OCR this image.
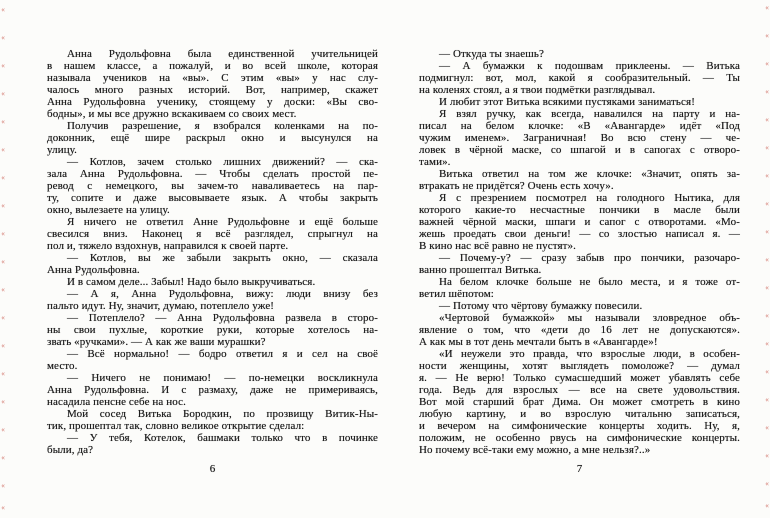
«
«
«
«
«
«
«
«
«
«
«
«
«
«
«
«
«
«
«
«
«
«
«
«
«
«
«
«
«
«
«
«
«
«
«
«
«
«
Анна Рудольфовна была единственной учительницей
в нашем классе, а пожалуй, и во всей школе, которая
называла учеников на «вы». С этим «вы» у нас слу-
чалось много разных историй. Вот, например, скажет
Анна Рудольфовна ученику, стоящему у доски: «Вы сво-
бодны», и мы все дружно вскакиваем со своих мест.
Получив разрешение, я взобрался коленками на по-
доконник, ещё шире раскрыл окно и высунулся на
улицу.
— Котлов, зачем столько лишних движений? — ска-
зала Анна Рудольфовна. — Чтобы сделать простой пе-
ревод с немецкого, вы зачем-то наваливаетесь на пар-
ту, сопите и даже высовываете язык. А чтобы закрыть
окно, вылезаете на улицу.
Я ничего не ответил Анне Рудольфовне и ещё больше
свесился вниз. Наконец я всё разглядел, спрыгнул на
пол и, тяжело вздохнув, направился к своей парте.
— Котлов, вы же забыли закрыть окно, — сказала
Анна Рудольфовна.
И в самом деле... Забыл! Надо было выкручиваться.
— А я, Анна Рудольфовна, вижу: люди внизу без
пальто идут. Ну, значит, думаю, потеплело уже!
— Потеплело? — Анна Рудольфовна развела в сторо-
ны свои пухлые, короткие руки, которые хотелось на-
звать «ручками». — А как же ваши мурашки?
— Всё нормально! — бодро ответил я и сел на своё
место.
— Ничего не понимаю! — по-немецки воскликнула
Анна Рудольфовна. И с размаху, даже не примериваясь,
насадила пенсне себе на нос.
Мой сосед Витька Бородкин, по прозвищу Витик-Ны-
тик, прошептал так, словно великое открытие сделал:
— У тебя, Котелок, башмаки только что в починке
были, да?
6
— Откуда ты знаешь?
— А бумажки к подошвам приклеены. — Витька
подмигнул: вот, мол, какой я сообразительный. — Ты
на коленях стоял, а я твои подмётки разглядывал.
И любит этот Витька всякими пустяками заниматься!
Я взял ручку, как всегда, навалился на парту и на-
писал на белом клочке: «В «Авангарде» идёт «Под
чужим именем». Заграничная! Во всю стену — че-
ловек в чёрной маске, со шпагой и в сапогах с отворо-
тами».
Витька ответил на том же клочке: «Значит, опять за-
втракать не придётся? Очень есть хочу».
Я с презрением посмотрел на голодного Нытика, для
которого какие-то несчастные пончики в масле были
важней чёрной маски, шпаги и сапог с отворотами. «Мо-
жешь проедать свои деньги! — со злостью написал я. —
В кино нас всё равно не пустят».
— Почему-у? — сразу забыв про пончики, разочаро-
ванно прошептал Витька.
На белом клочке больше не было места, и я тоже от-
ветил шёпотом:
— Потому что чёртову бумажку повесили.
«Чертовой бумажкой» мы называли зловредное объ-
явление о том, что «дети до 16 лет не допускаются».
А как мы в тот день мечтали быть в «Авангарде»!
«И неужели это правда, что взрослые люди, в особен-
ности женщины, хотят выглядеть помоложе? — думал
я. — Не верю! Только сумасшедший может убавлять себе
года. Ведь для взрослых — все на свете удовольствия.
Вот мой старший брат Дима. Он может смотреть в кино
любую картину, и во взрослую читальню записаться,
и вечером на симфонические концерты ходить. Ну, я,
положим, не особенно рвусь на симфонические концерты.
Но почему всё-таки ему можно, а мне нельзя?..»
7
